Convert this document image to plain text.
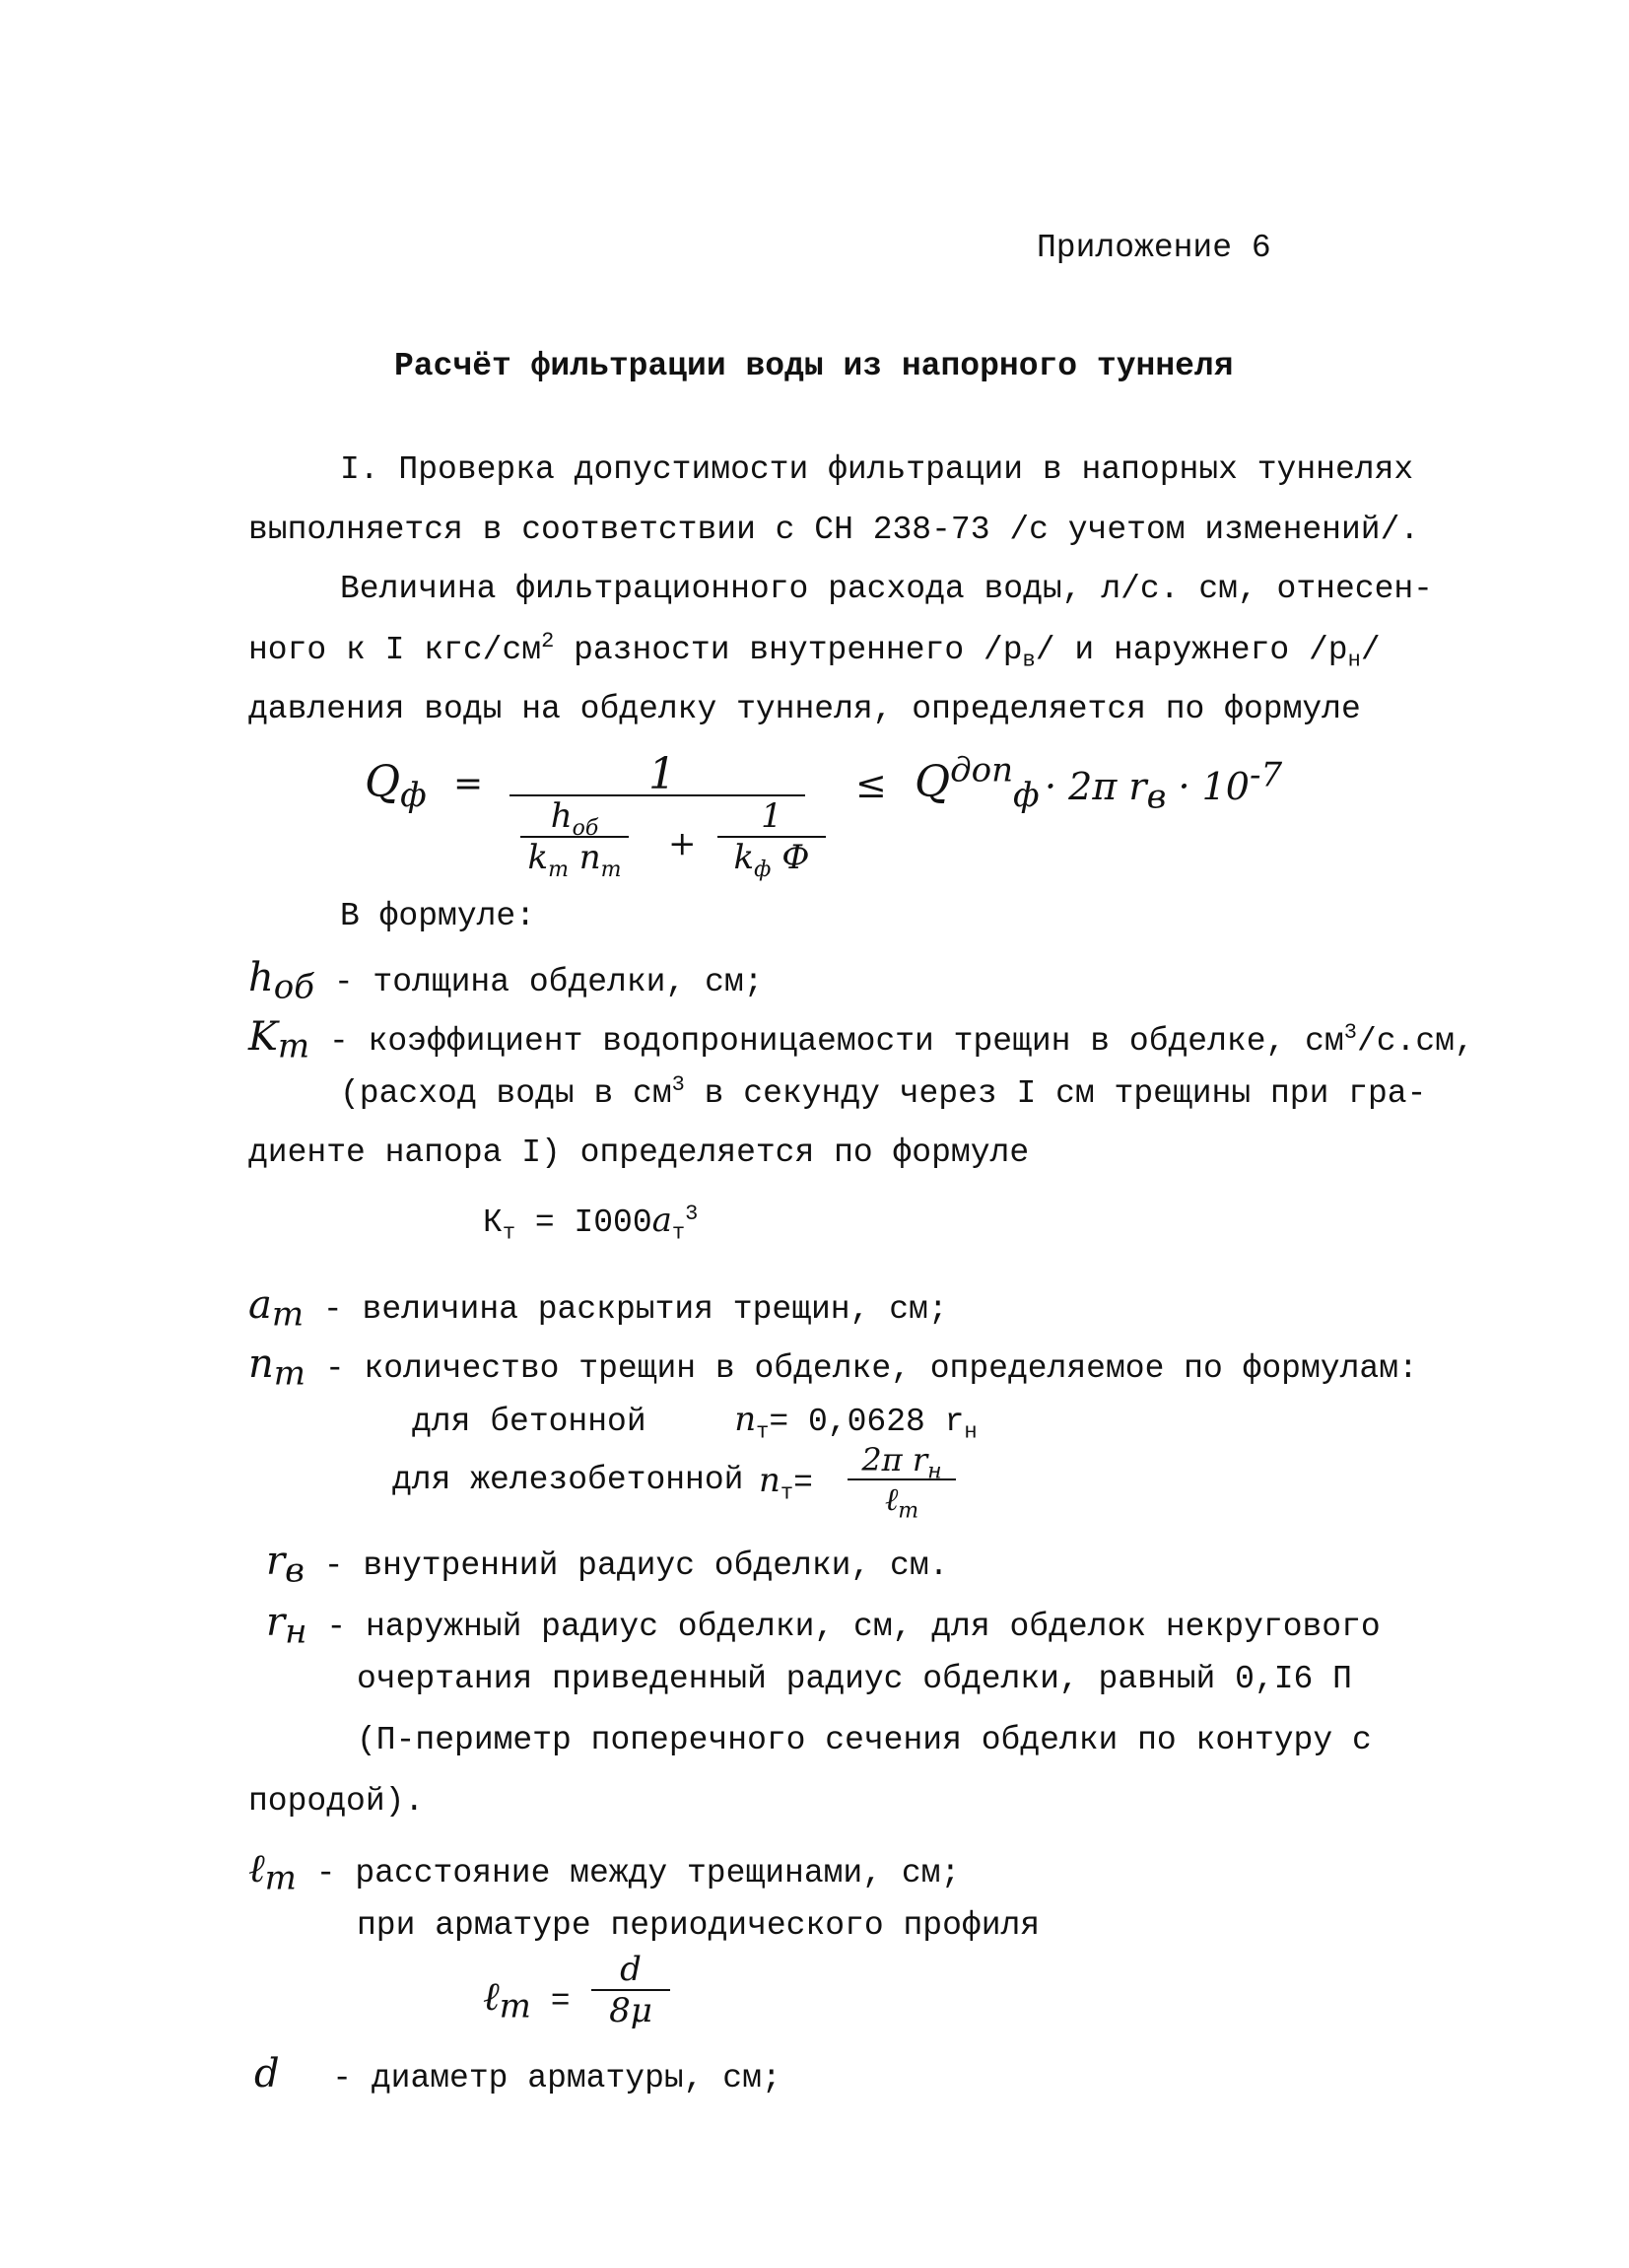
Приложение 6
Расчёт фильтрации воды из напорного туннеля
I. Проверка допустимости фильтрации в напорных туннелях
выполняется в соответствии с СН 238-73 /с учетом изменений/.
Величина фильтрационного расхода воды, л/с. см, отнесен-
ного к I кгс/$см^2$ разности внутреннего $/р_в/$ и наружнего $/р_н/$
давления воды на обделку туннеля, определяется по формуле
$Q_ф$ =	1
$h_{об}$
$k_т$ $n_т$
+
1
$k_ф$ Ф
≤ $Q^{доп}_ф \cdot 2\pi$ $r_в \cdot 10^{-7}$
В формуле:
$h_{об}$ - толщина обделки, см;
$K_т$ - коэффициент водопроницаемости трещин в обделке, $см^3/с.см$,
(расход воды в $см^3$ в секунду через I см трещины при гра-
диенте напора I) определяется по формуле
$К_т = I000a_т^3$
$a_т$ - величина раскрытия трещин, см;
$n_т$ - количество трещин в обделке, определяемое по формулам:
для бетонной	$n_т= 0,0628$ $r_н$
для железобетонной $n_т=$
2π $r_н$
ℓ$_т$
$r_в$ - внутренний радиус обделки, см.
$r_н$ - наружный радиус обделки, см, для обделок некругового
очертания приведенный радиус обделки, равный 0,I6 П
(П-периметр поперечного сечения обделки по контуру с
породой).
ℓ$_т$ - расстояние между трещинами, см;
при арматуре периодического профиля
ℓ$_т$ =
d
8μ
d - диаметр арматуры, см;
